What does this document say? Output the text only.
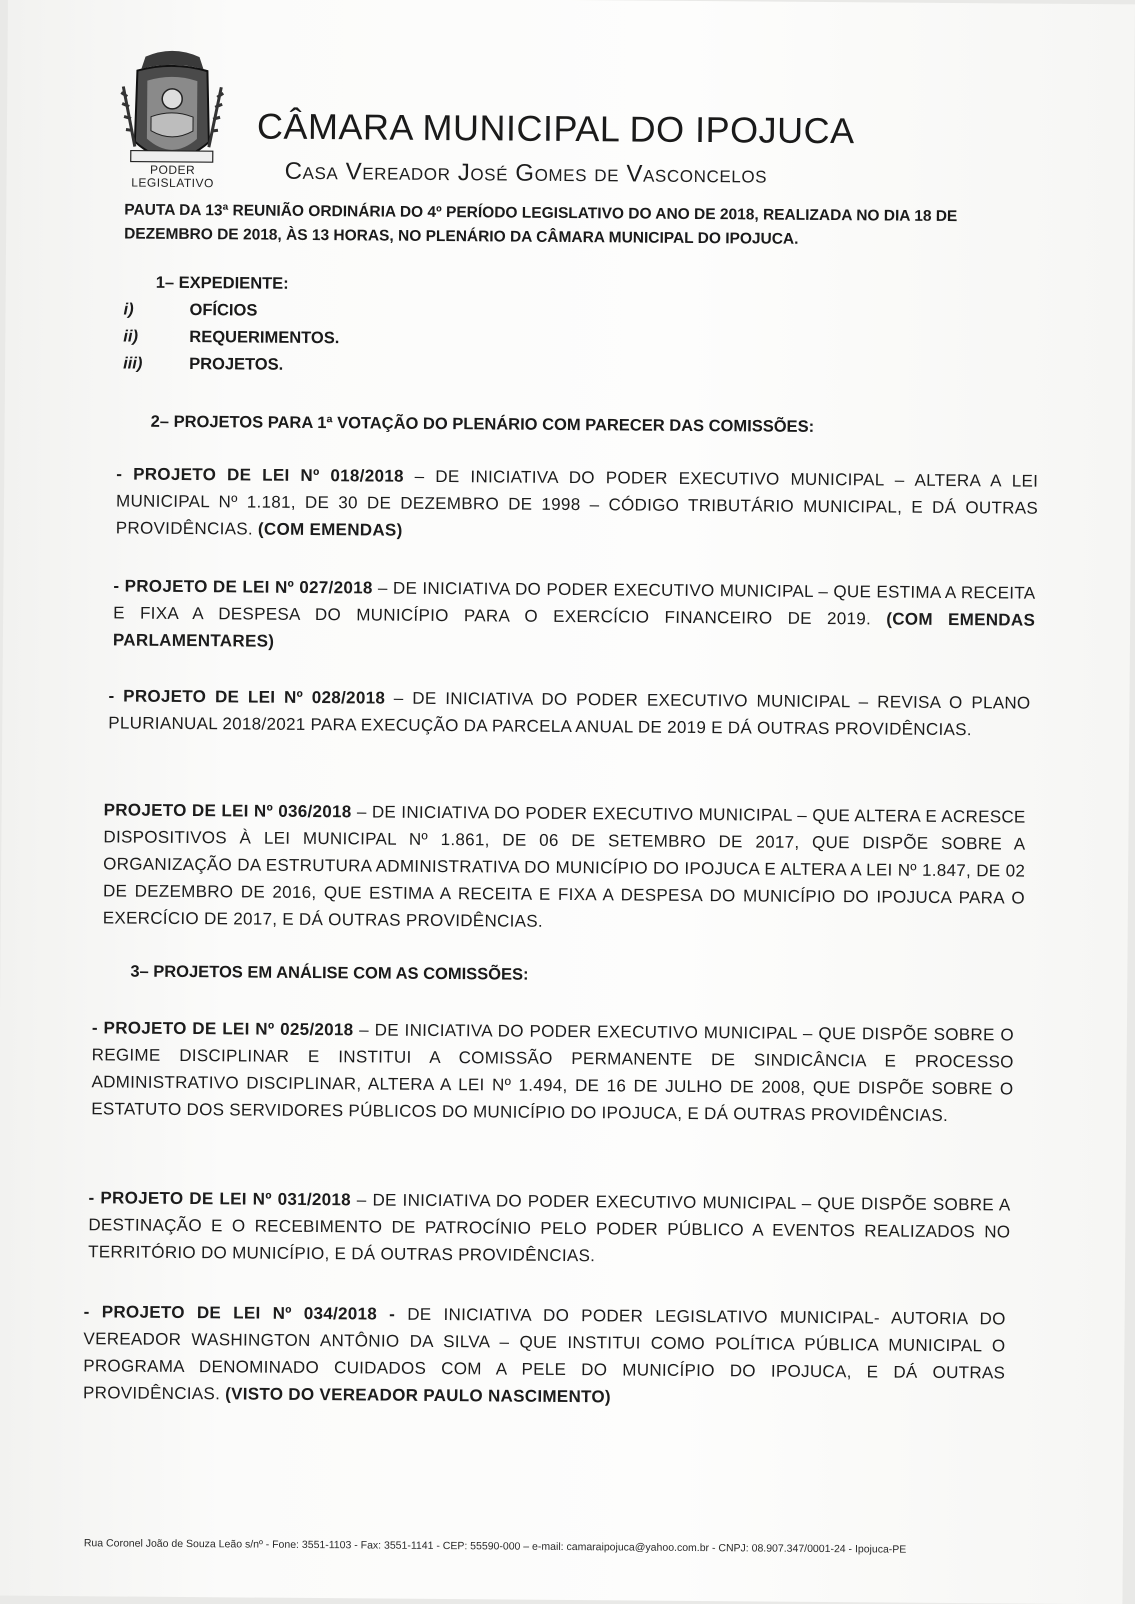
PODER
LEGISLATIVO
CÂMARA MUNICIPAL DO IPOJUCA
Casa Vereador José Gomes de Vasconcelos
PAUTA DA 13ª REUNIÃO ORDINÁRIA DO 4º PERÍODO LEGISLATIVO DO ANO DE 2018, REALIZADA NO DIA 18 DE DEZEMBRO DE 2018, ÀS 13 HORAS, NO PLENÁRIO DA CÂMARA MUNICIPAL DO IPOJUCA.
1– EXPEDIENTE:
i)	OFÍCIOS
ii)	REQUERIMENTOS.
iii)	PROJETOS.
2– PROJETOS PARA 1ª VOTAÇÃO DO PLENÁRIO COM PARECER DAS COMISSÕES:
- PROJETO DE LEI Nº 018/2018 – DE INICIATIVA DO PODER EXECUTIVO MUNICIPAL – ALTERA A LEI MUNICIPAL Nº 1.181, DE 30 DE DEZEMBRO DE 1998 – CÓDIGO TRIBUTÁRIO MUNICIPAL, E DÁ OUTRAS PROVIDÊNCIAS. (COM EMENDAS)
- PROJETO DE LEI Nº 027/2018 – DE INICIATIVA DO PODER EXECUTIVO MUNICIPAL – QUE ESTIMA A RECEITA E FIXA A DESPESA DO MUNICÍPIO PARA O EXERCÍCIO FINANCEIRO DE 2019. (COM EMENDAS PARLAMENTARES)
- PROJETO DE LEI Nº 028/2018 – DE INICIATIVA DO PODER EXECUTIVO MUNICIPAL – REVISA O PLANO PLURIANUAL 2018/2021 PARA EXECUÇÃO DA PARCELA ANUAL DE 2019 E DÁ OUTRAS PROVIDÊNCIAS.
PROJETO DE LEI Nº 036/2018 – DE INICIATIVA DO PODER EXECUTIVO MUNICIPAL – QUE ALTERA E ACRESCE DISPOSITIVOS À LEI MUNICIPAL Nº 1.861, DE 06 DE SETEMBRO DE 2017, QUE DISPÕE SOBRE A ORGANIZAÇÃO DA ESTRUTURA ADMINISTRATIVA DO MUNICÍPIO DO IPOJUCA E ALTERA A LEI Nº 1.847, DE 02 DE DEZEMBRO DE 2016, QUE ESTIMA A RECEITA E FIXA A DESPESA DO MUNICÍPIO DO IPOJUCA PARA O EXERCÍCIO DE 2017, E DÁ OUTRAS PROVIDÊNCIAS.
3– PROJETOS EM ANÁLISE COM AS COMISSÕES:
- PROJETO DE LEI Nº 025/2018 – DE INICIATIVA DO PODER EXECUTIVO MUNICIPAL – QUE DISPÕE SOBRE O REGIME DISCIPLINAR E INSTITUI A COMISSÃO PERMANENTE DE SINDICÂNCIA E PROCESSO ADMINISTRATIVO DISCIPLINAR, ALTERA A LEI Nº 1.494, DE 16 DE JULHO DE 2008, QUE DISPÕE SOBRE O ESTATUTO DOS SERVIDORES PÚBLICOS DO MUNICÍPIO DO IPOJUCA, E DÁ OUTRAS PROVIDÊNCIAS.
- PROJETO DE LEI Nº 031/2018 – DE INICIATIVA DO PODER EXECUTIVO MUNICIPAL – QUE DISPÕE SOBRE A DESTINAÇÃO E O RECEBIMENTO DE PATROCÍNIO PELO PODER PÚBLICO A EVENTOS REALIZADOS NO TERRITÓRIO DO MUNICÍPIO, E DÁ OUTRAS PROVIDÊNCIAS.
- PROJETO DE LEI Nº 034/2018 - DE INICIATIVA DO PODER LEGISLATIVO MUNICIPAL- AUTORIA DO VEREADOR WASHINGTON ANTÔNIO DA SILVA – QUE INSTITUI COMO POLÍTICA PÚBLICA MUNICIPAL O PROGRAMA DENOMINADO CUIDADOS COM A PELE DO MUNICÍPIO DO IPOJUCA, E DÁ OUTRAS PROVIDÊNCIAS. (VISTO DO VEREADOR PAULO NASCIMENTO)
Rua Coronel João de Souza Leão s/nº - Fone: 3551-1103 - Fax: 3551-1141 - CEP: 55590-000 – e-mail: camaraipojuca@yahoo.com.br - CNPJ: 08.907.347/0001-24 - Ipojuca-PE
